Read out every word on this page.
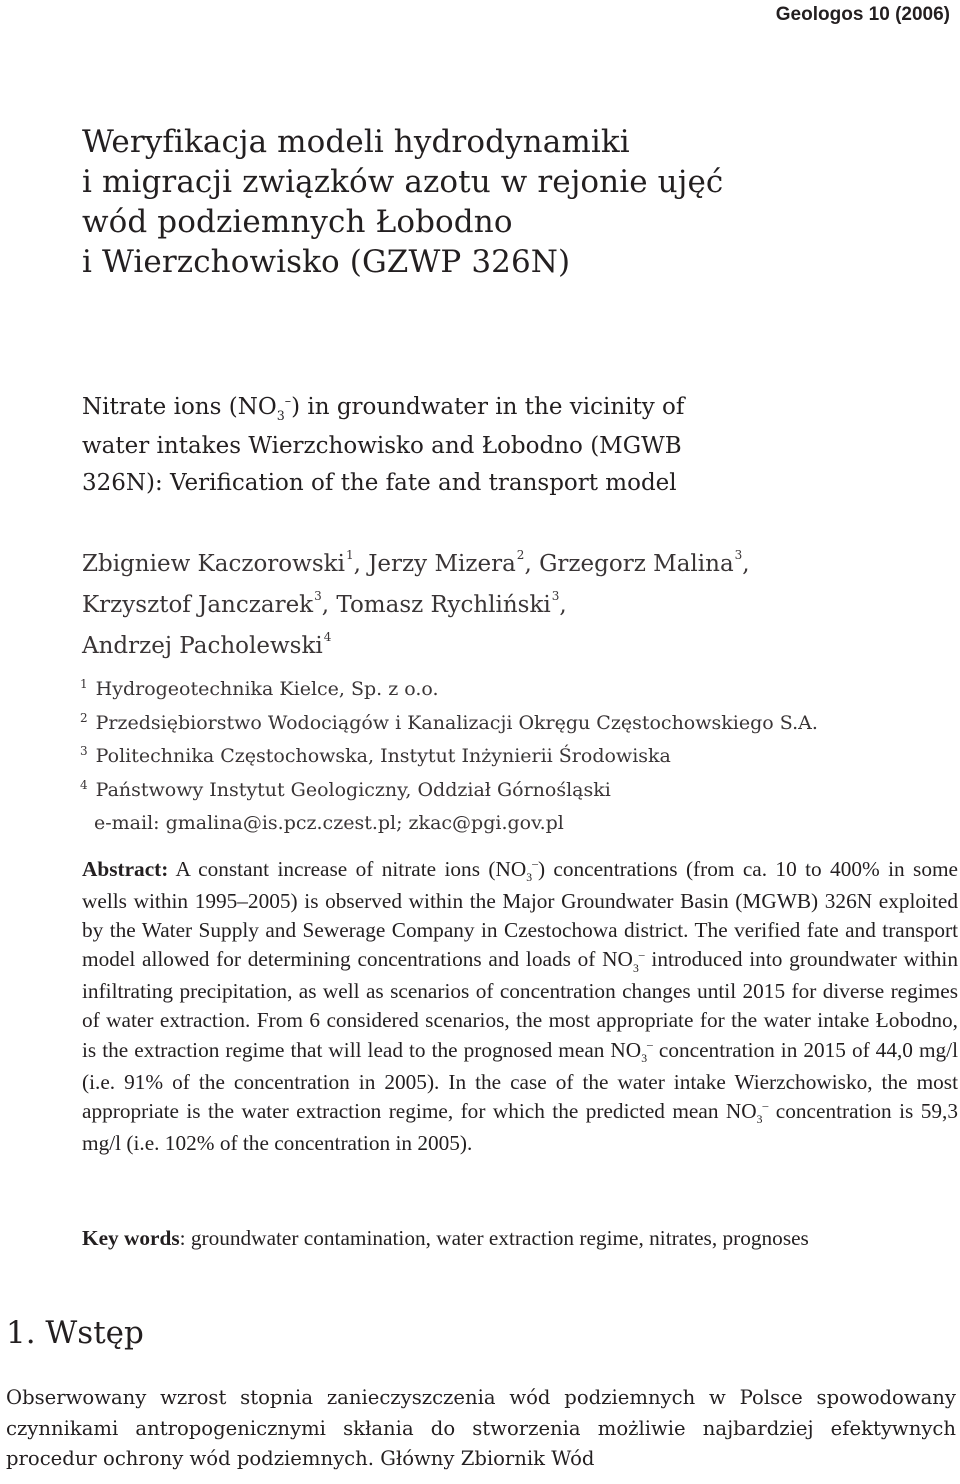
Geologos 10 (2006)
Weryfikacja modeli hydrodynamiki
i migracji związków azotu w rejonie ujęć
wód podziemnych Łobodno
i Wierzchowisko (GZWP 326N)
Nitrate ions $(NO_3^-)$ in groundwater in the vicinity of
water intakes Wierzchowisko and Łobodno (MGWB
326N): Verification of the fate and transport model
Zbigniew Kaczorowski$^1$, Jerzy Mizera$^2$, Grzegorz Malina$^3$,
Krzysztof Janczarek$^3$, Tomasz Rychliński$^3$,
Andrzej Pacholewski$^4$
$^1$ Hydrogeotechnika Kielce, Sp. z o.o.
$^2$ Przedsiębiorstwo Wodociągów i Kanalizacji Okręgu Częstochowskiego S.A.
$^3$ Politechnika Częstochowska, Instytut Inżynierii Środowiska
$^4$ Państwowy Instytut Geologiczny, Oddział Górnośląski
e-mail: gmalina@is.pcz.czest.pl; zkac@pgi.gov.pl

Abstract: A constant increase of nitrate ions $(NO_3^-)$ concentrations (from ca. 10 to 400% in some wells within 1995–2005) is observed within the Major Groundwater Basin (MGWB) 326N exploited by the Water Supply and Sewerage Company in Czestochowa district. The verified fate and transport model allowed for determining concentrations and loads of $NO_3^-$ introduced into groundwater within infiltrating precipitation, as well as scenarios of concentration changes until 2015 for diverse regimes of water extraction. From 6 considered scenarios, the most appropriate for the water intake Łobodno, is the extraction regime that will lead to the prognosed mean $NO_3^-$ concentration in 2015 of 44,0 mg/l (i.e. 91% of the concentration in 2005). In the case of the water intake Wierzchowisko, the most appropriate is the water extraction regime, for which the predicted mean $NO_3^-$ concentration is 59,3 mg/l (i.e. 102% of the concentration in 2005).

Key words: groundwater contamination, water extraction regime, nitrates, prognoses
1. Wstęp

Obserwowany wzrost stopnia zanieczyszczenia wód podziemnych w Polsce spowodowany czynnikami antropogenicznymi skłania do stworzenia możliwie najbardziej efektywnych procedur ochrony wód podziemnych. Główny Zbiornik Wód
